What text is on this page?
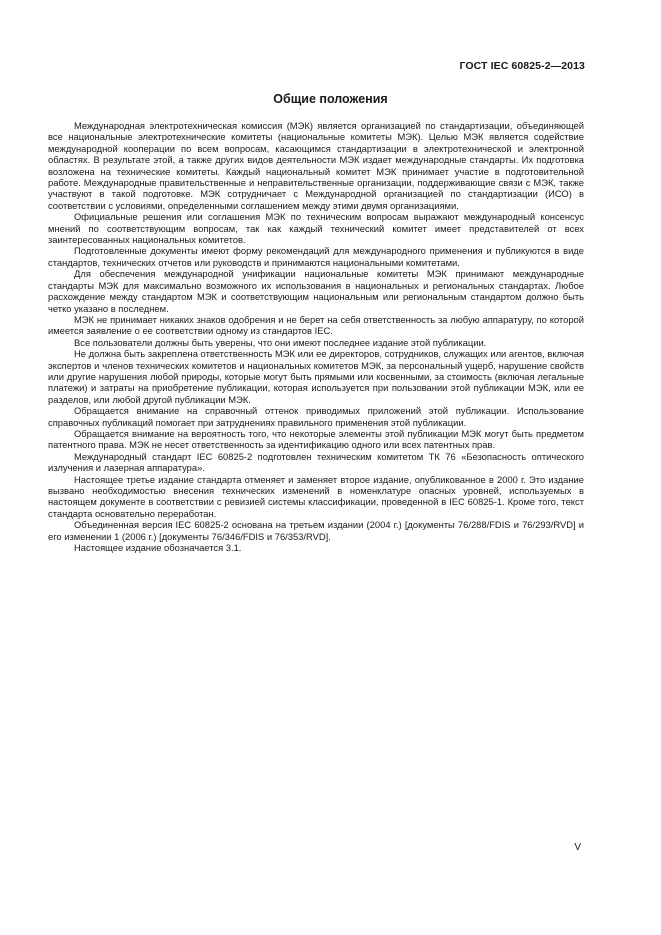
ГОСТ IEC 60825-2—2013
Общие положения

Международная электротехническая комиссия (МЭК) является организацией по стандартизации, объединяющей все национальные электротехнические комитеты (национальные комитеты МЭК). Целью МЭК является содействие международной кооперации по всем вопросам, касающимся стандартизации в электротехнической и электронной областях. В результате этой, а также других видов деятельности МЭК издает международные стандарты. Их подготовка возложена на технические комитеты. Каждый национальный комитет МЭК принимает участие в подготовительной работе. Международные правительственные и неправительственные организации, поддерживающие связи с МЭК, также участвуют в такой подготовке. МЭК сотрудничает с Международной организацией по стандартизации (ИСО) в соответствии с условиями, определенными соглашением между этими двумя организациями.

Официальные решения или соглашения МЭК по техническим вопросам выражают международный консенсус мнений по соответствующим вопросам, так как каждый технический комитет имеет представителей от всех заинтересованных национальных комитетов.

Подготовленные документы имеют форму рекомендаций для международного применения и публикуются в виде стандартов, технических отчетов или руководств и принимаются национальными комитетами.

Для обеспечения международной унификации национальные комитеты МЭК принимают международные стандарты МЭК для максимально возможного их использования в национальных и региональных стандартах. Любое расхождение между стандартом МЭК и соответствующим национальным или региональным стандартом должно быть четко указано в последнем.

МЭК не принимает никаких знаков одобрения и не берет на себя ответственность за любую аппаратуру, по которой имеется заявление о ее соответствии одному из стандартов IEC.

Все пользователи должны быть уверены, что они имеют последнее издание этой публикации.

Не должна быть закреплена ответственность МЭК или ее директоров, сотрудников, служащих или агентов, включая экспертов и членов технических комитетов и национальных комитетов МЭК, за персональный ущерб, нарушение свойств или другие нарушения любой природы, которые могут быть прямыми или косвенными, за стоимость (включая легальные платежи) и затраты на приобретение публикации, которая используется при пользовании этой публикации МЭК, или ее разделов, или любой другой публикации МЭК.

Обращается внимание на справочный оттенок приводимых приложений этой публикации. Использование справочных публикаций помогает при затруднениях правильного применения этой публикации.

Обращается внимание на вероятность того, что некоторые элементы этой публикации МЭК могут быть предметом патентного права. МЭК не несет ответственность за идентификацию одного или всех патентных прав.

Международный стандарт IEC 60825-2 подготовлен техническим комитетом ТК 76 «Безопасность оптического излучения и лазерная аппаратура».

Настоящее третье издание стандарта отменяет и заменяет второе издание, опубликованное в 2000 г. Это издание вызвано необходимостью внесения технических изменений в номенклатуре опасных уровней, используемых в настоящем документе в соответствии с ревизией системы классификации, проведенной в IEC 60825-1. Кроме того, текст стандарта основательно переработан.

Объединенная версия IEC 60825-2 основана на третьем издании (2004 г.) [документы 76/288/FDIS и 76/293/RVD] и его изменении 1 (2006 г.) [документы 76/346/FDIS и 76/353/RVD].

Настоящее издание обозначается 3.1.

V
